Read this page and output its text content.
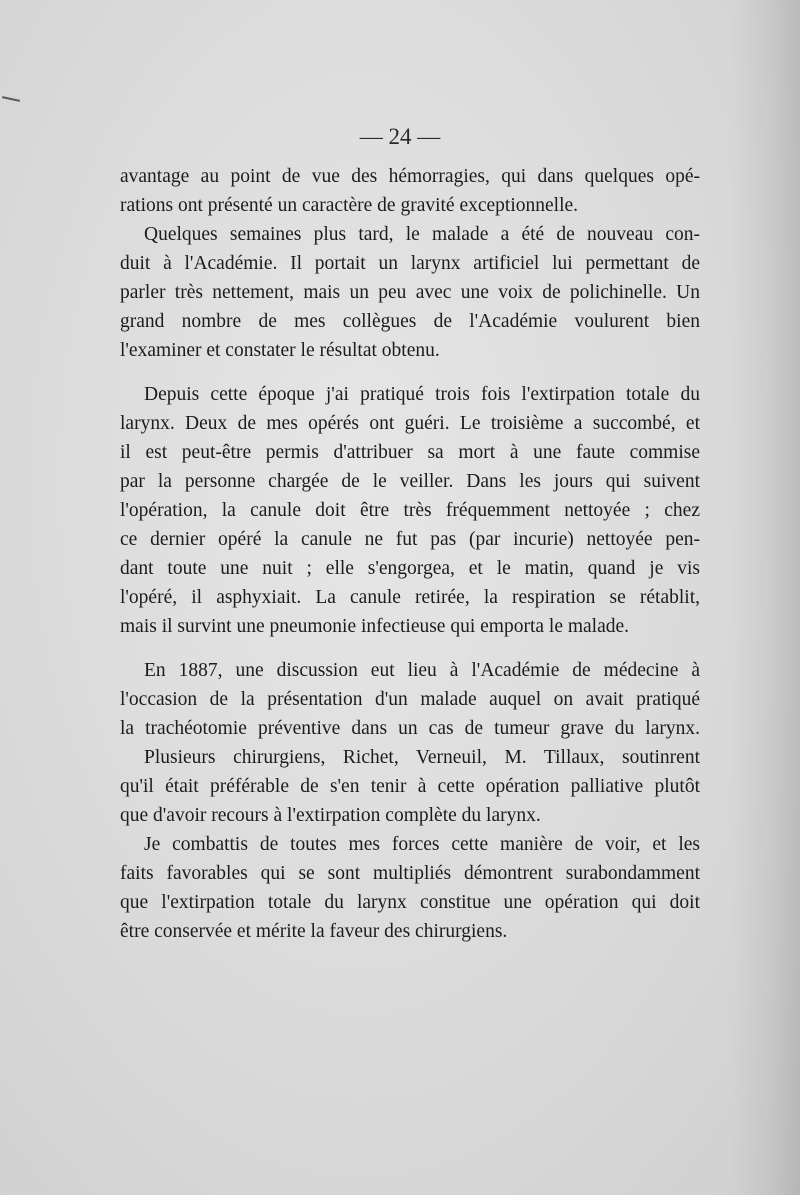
— 24 —
avantage au point de vue des hémorragies, qui dans quelques opé-
rations ont présenté un caractère de gravité exceptionnelle.
Quelques semaines plus tard, le malade a été de nouveau con-
duit à l'Académie. Il portait un larynx artificiel lui permettant de
parler très nettement, mais un peu avec une voix de polichinelle. Un
grand nombre de mes collègues de l'Académie voulurent bien
l'examiner et constater le résultat obtenu.
Depuis cette époque j'ai pratiqué trois fois l'extirpation totale du
larynx. Deux de mes opérés ont guéri. Le troisième a succombé, et
il est peut-être permis d'attribuer sa mort à une faute commise
par la personne chargée de le veiller. Dans les jours qui suivent
l'opération, la canule doit être très fréquemment nettoyée ; chez
ce dernier opéré la canule ne fut pas (par incurie) nettoyée pen-
dant toute une nuit ; elle s'engorgea, et le matin, quand je vis
l'opéré, il asphyxiait. La canule retirée, la respiration se rétablit,
mais il survint une pneumonie infectieuse qui emporta le malade.
En 1887, une discussion eut lieu à l'Académie de médecine à
l'occasion de la présentation d'un malade auquel on avait pratiqué
la trachéotomie préventive dans un cas de tumeur grave du larynx.
Plusieurs chirurgiens, Richet, Verneuil, M. Tillaux, soutinrent
qu'il était préférable de s'en tenir à cette opération palliative plutôt
que d'avoir recours à l'extirpation complète du larynx.
Je combattis de toutes mes forces cette manière de voir, et les
faits favorables qui se sont multipliés démontrent surabondamment
que l'extirpation totale du larynx constitue une opération qui doit
être conservée et mérite la faveur des chirurgiens.
